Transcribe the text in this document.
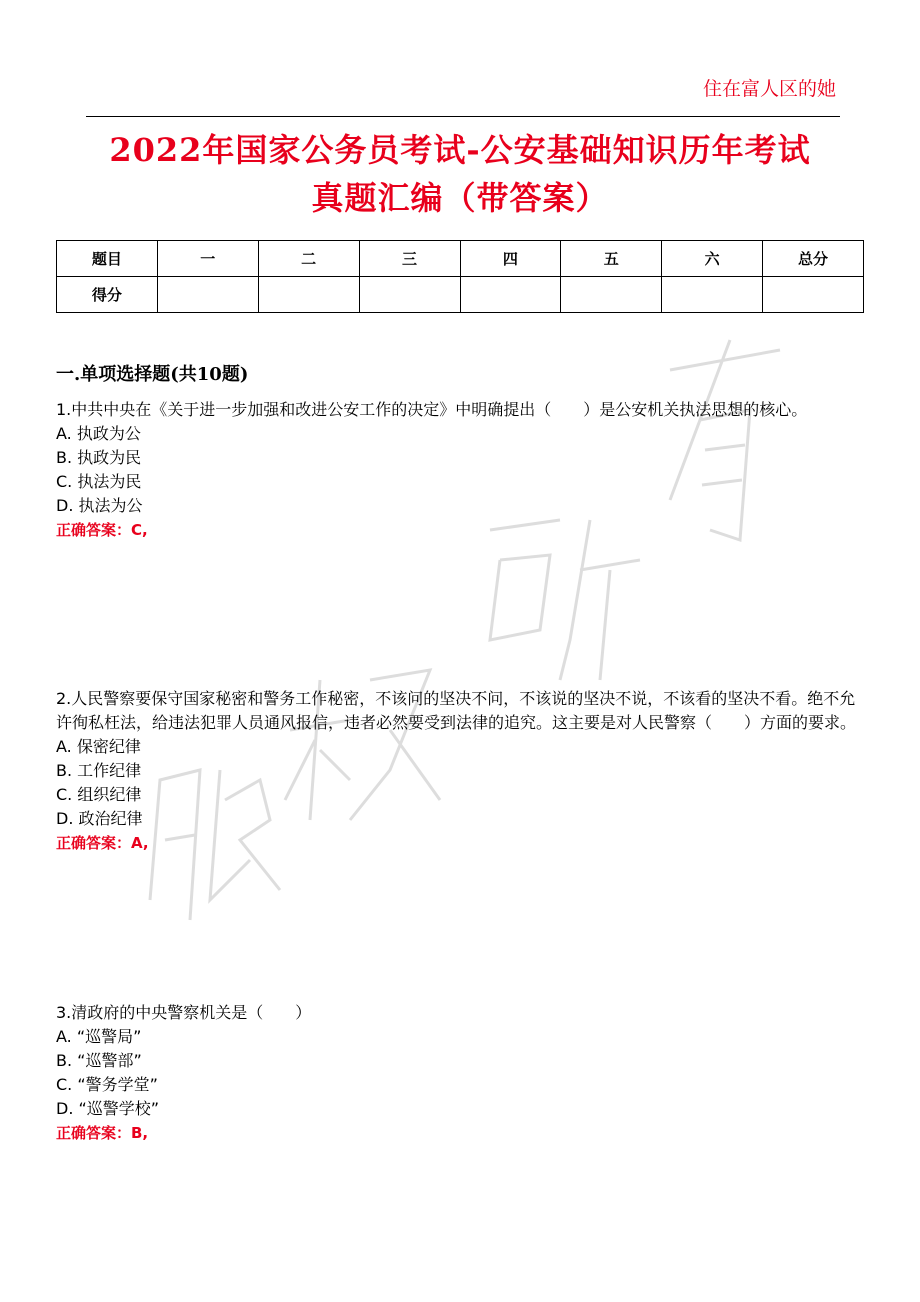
住在富人区的她
2022年国家公务员考试-公安基础知识历年考试
真题汇编（带答案）
题目	一	二	三	四	五	六	总分
得分							
一.单项选择题(共10题)

1.中共中央在《关于进一步加强和改进公安工作的决定》中明确提出（　　）是公安机关执法思想的核心。

A. 执政为公

B. 执政为民

C. 执法为民

D. 执法为公

正确答案：C,

2.人民警察要保守国家秘密和警务工作秘密，不该问的坚决不问，不该说的坚决不说，不该看的坚决不看。绝不允许徇私枉法，给违法犯罪人员通风报信，违者必然要受到法律的追究。这主要是对人民警察（　　）方面的要求。

A. 保密纪律

B. 工作纪律

C. 组织纪律

D. 政治纪律

正确答案：A,

3.清政府的中央警察机关是（　　）

A. “巡警局”

B. “巡警部”

C. “警务学堂”

D. “巡警学校”

正确答案：B,
